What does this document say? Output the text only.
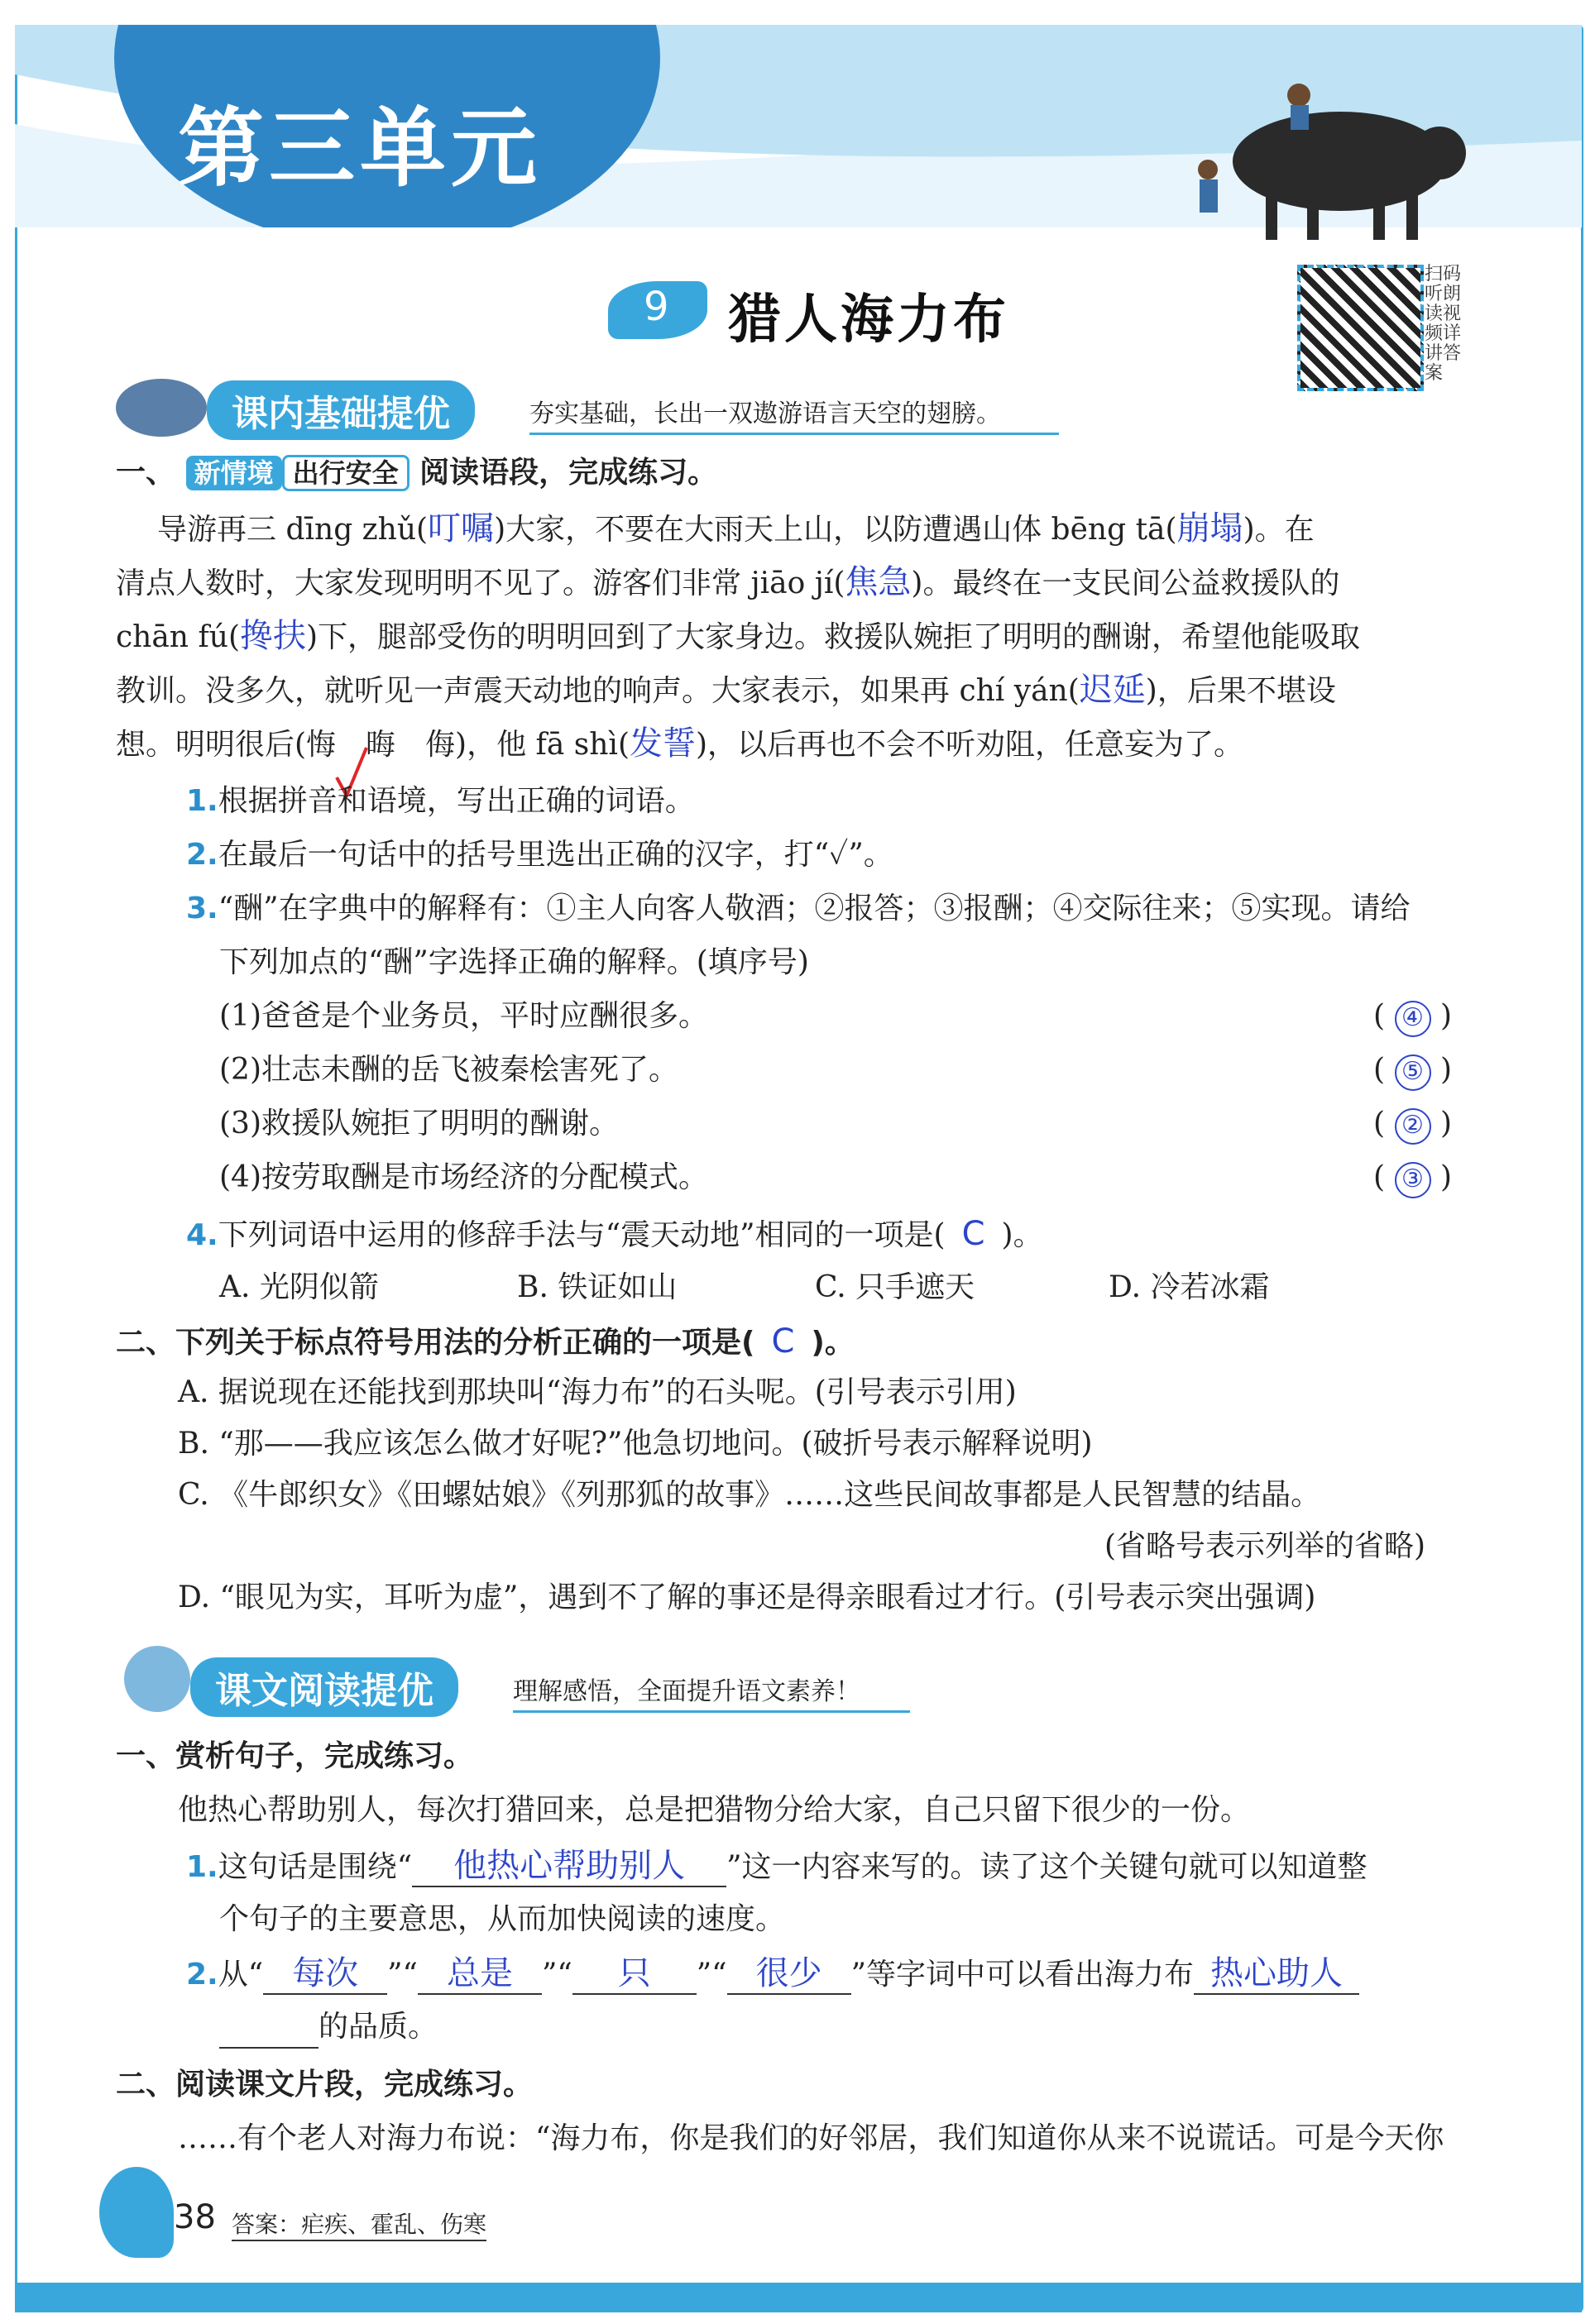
第三单元
9 猎人海力布
扫码听朗读视频详讲答案
课内基础提优	夯实基础，长出一双遨游语言天空的翅膀。
一、 新情境 出行安全 阅读语段，完成练习。
导游再三 dīng zhǔ(叮嘱)大家，不要在大雨天上山，以防遭遇山体 bēng tā(崩塌)。在
清点人数时，大家发现明明不见了。游客们非常 jiāo jí(焦急)。最终在一支民间公益救援队的
chān fú(搀扶)下，腿部受伤的明明回到了大家身边。救援队婉拒了明明的酬谢，希望他能吸取
教训。没多久，就听见一声震天动地的响声。大家表示，如果再 chí yán(迟延)，后果不堪设
想。明明很后(悔　晦　侮)，他 fā shì(发誓)，以后再也不会不听劝阻，任意妄为了。
1.根据拼音和语境，写出正确的词语。
2.在最后一句话中的括号里选出正确的汉字，打“✓”。
3.“酬”在字典中的解释有：①主人向客人敬酒；②报答；③报酬；④交际往来；⑤实现。请给
下列加点的“酬”字选择正确的解释。(填序号)
(1)爸爸是个业务员，平时应酬很多。	( ④ )
(2)壮志未酬的岳飞被秦桧害死了。	( ⑤ )
(3)救援队婉拒了明明的酬谢。	( ② )
(4)按劳取酬是市场经济的分配模式。	( ③ )
4.下列词语中运用的修辞手法与“震天动地”相同的一项是( C )。
A. 光阴似箭	B. 铁证如山	C. 只手遮天	D. 冷若冰霜
二、下列关于标点符号用法的分析正确的一项是( C )。
A. 据说现在还能找到那块叫“海力布”的石头呢。(引号表示引用)
B. “那——我应该怎么做才好呢?”他急切地问。(破折号表示解释说明)
C. 《牛郎织女》《田螺姑娘》《列那狐的故事》……这些民间故事都是人民智慧的结晶。
(省略号表示列举的省略)
D. “眼见为实，耳听为虚”，遇到不了解的事还是得亲眼看过才行。(引号表示突出强调)
课文阅读提优	理解感悟，全面提升语文素养！
一、赏析句子，完成练习。
他热心帮助别人，每次打猎回来，总是把猎物分给大家，自己只留下很少的一份。
1.这句话是围绕“ 他热心帮助别人 ”这一内容来写的。读了这个关键句就可以知道整
个句子的主要意思，从而加快阅读的速度。
2.从“ 每次 ”“ 总是 ”“ 只 ”“ 很少 ”等字词中可以看出海力布 热心助人
的品质。
二、阅读课文片段，完成练习。
……有个老人对海力布说：“海力布，你是我们的好邻居，我们知道你从来不说谎话。可是今天你
38 答案：疟疾、霍乱、伤寒
